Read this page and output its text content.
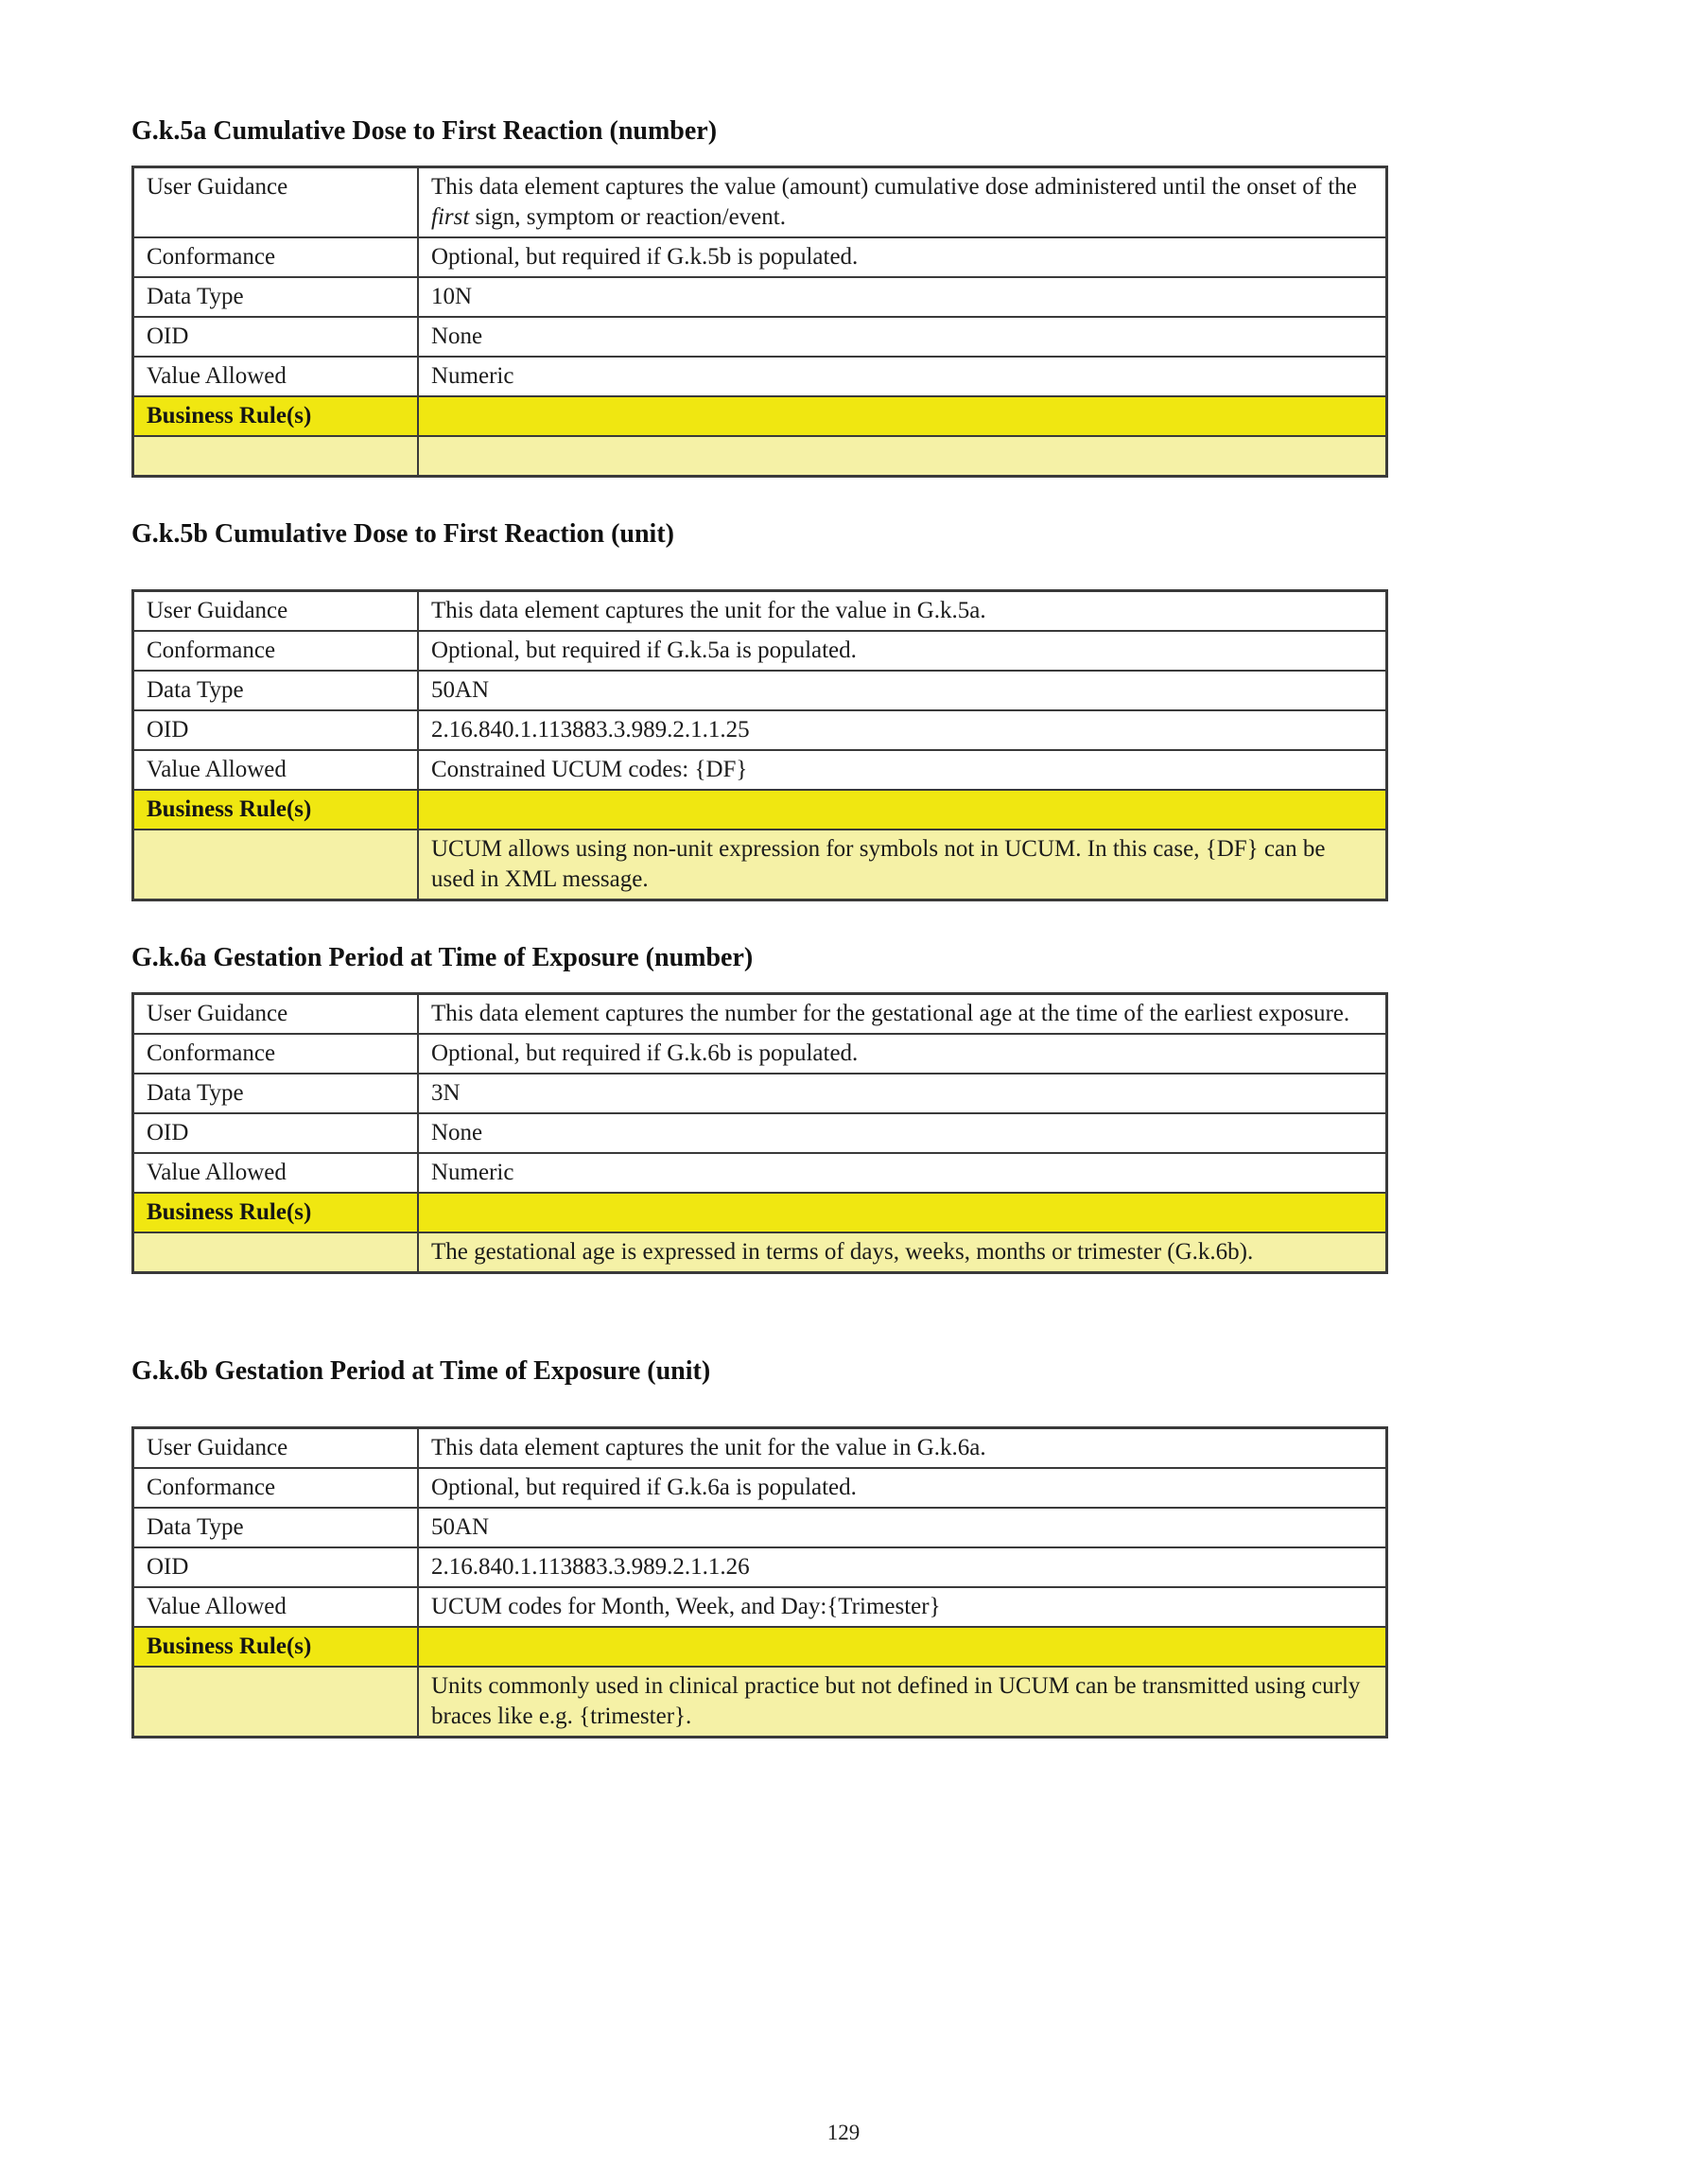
G.k.5a Cumulative Dose to First Reaction (number)
User Guidance	This data element captures the value (amount) cumulative dose administered until the onset of the first sign, symptom or reaction/event.
Conformance	Optional, but required if G.k.5b is populated.
Data Type	10N
OID	None
Value Allowed	Numeric
Business Rule(s)	

G.k.5b Cumulative Dose to First Reaction (unit)
User Guidance	This data element captures the unit for the value in G.k.5a.
Conformance	Optional, but required if G.k.5a is populated.
Data Type	50AN
OID	2.16.840.1.113883.3.989.2.1.1.25
Value Allowed	Constrained UCUM codes: {DF}
Business Rule(s)	
	UCUM allows using non-unit expression for symbols not in UCUM. In this case, {DF} can be used in XML message.
G.k.6a Gestation Period at Time of Exposure (number)
User Guidance	This data element captures the number for the gestational age at the time of the earliest exposure.
Conformance	Optional, but required if G.k.6b is populated.
Data Type	3N
OID	None
Value Allowed	Numeric
Business Rule(s)	
	The gestational age is expressed in terms of days, weeks, months or trimester (G.k.6b).
G.k.6b Gestation Period at Time of Exposure (unit)
User Guidance	This data element captures the unit for the value in G.k.6a.
Conformance	Optional, but required if G.k.6a is populated.
Data Type	50AN
OID	2.16.840.1.113883.3.989.2.1.1.26
Value Allowed	UCUM codes for Month, Week, and Day:{Trimester}
Business Rule(s)	
	Units commonly used in clinical practice but not defined in UCUM can be transmitted using curly braces like e.g. {trimester}.
129
